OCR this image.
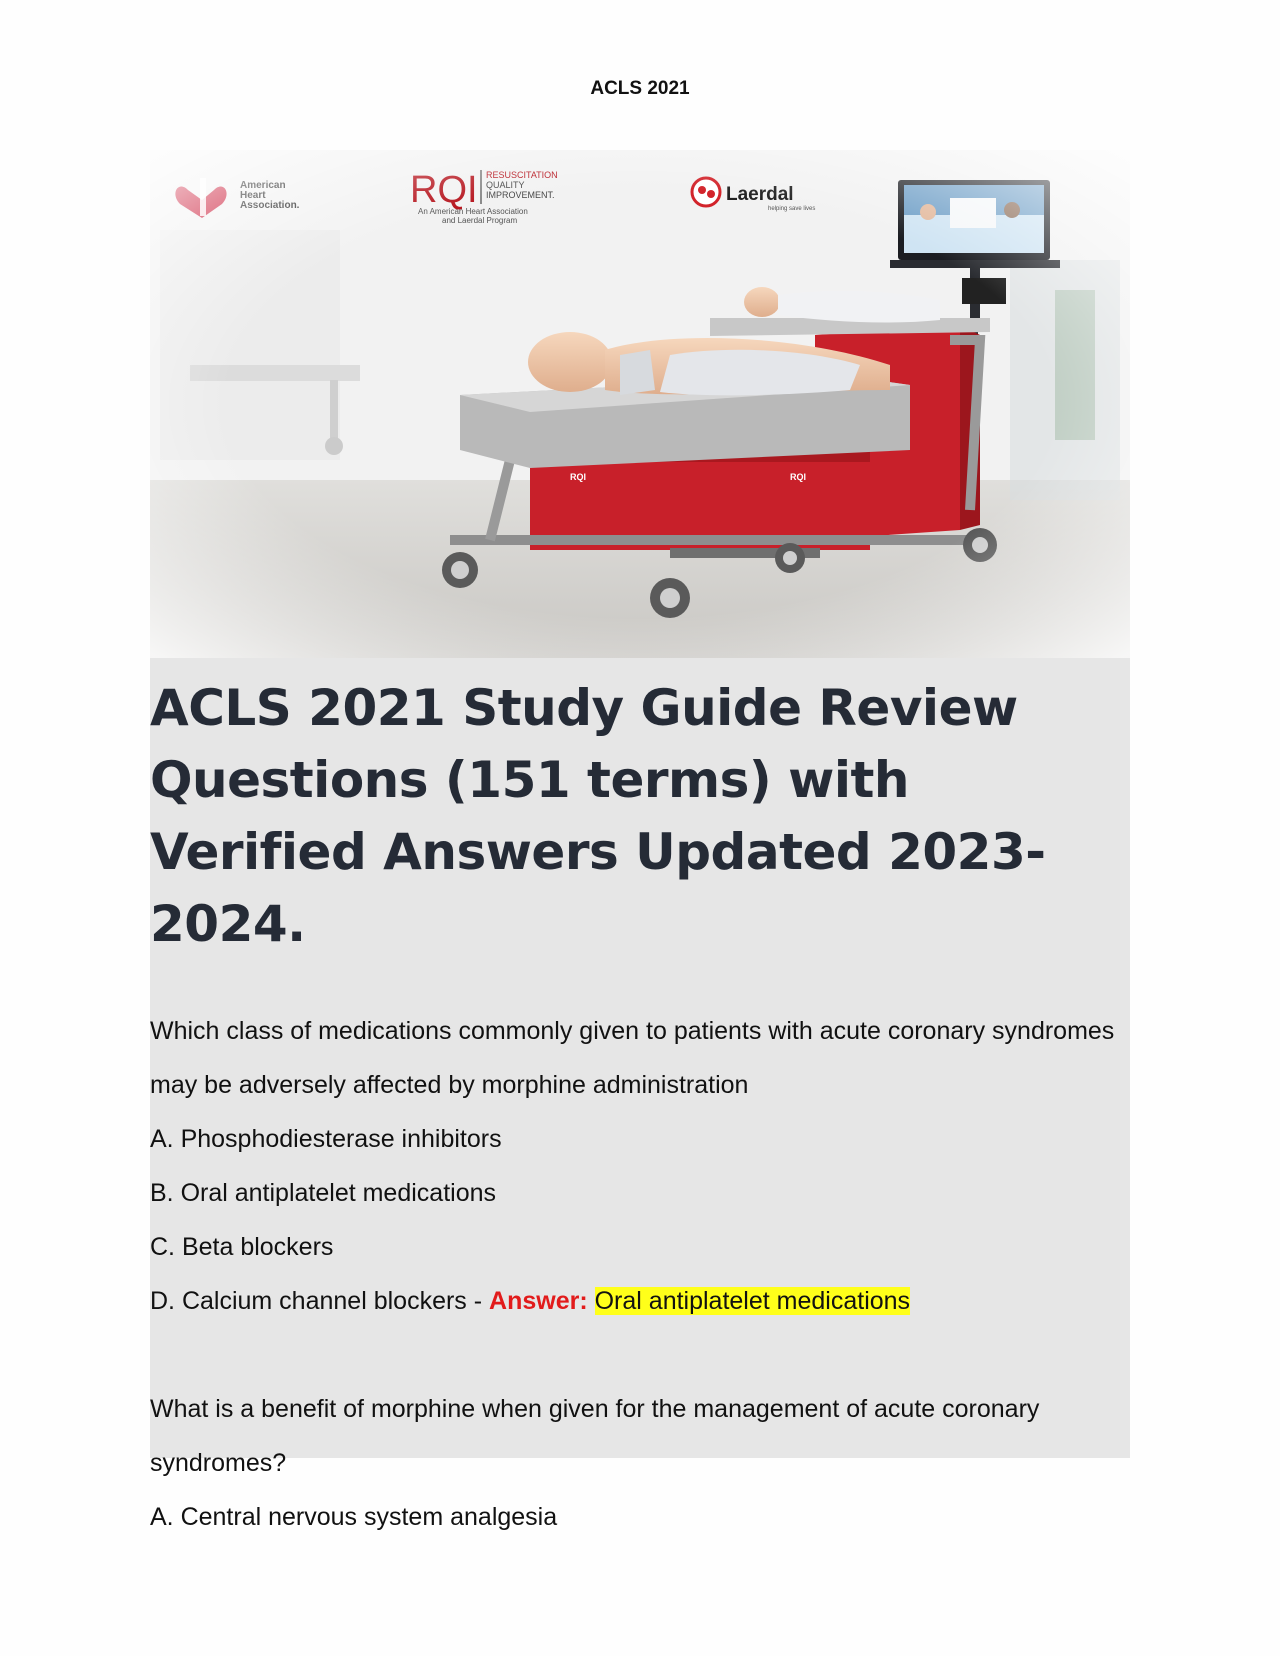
ACLS 2021
ACLS 2021 Study Guide Review Questions (151 terms) with Verified Answers Updated 2023-2024.

Which class of medications commonly given to patients with acute coronary syndromes may be adversely affected by morphine administration

A. Phosphodiesterase inhibitors

B. Oral antiplatelet medications

C. Beta blockers

D. Calcium channel blockers - Answer: Oral antiplatelet medications

What is a benefit of morphine when given for the management of acute coronary syndromes?

A. Central nervous system analgesia
